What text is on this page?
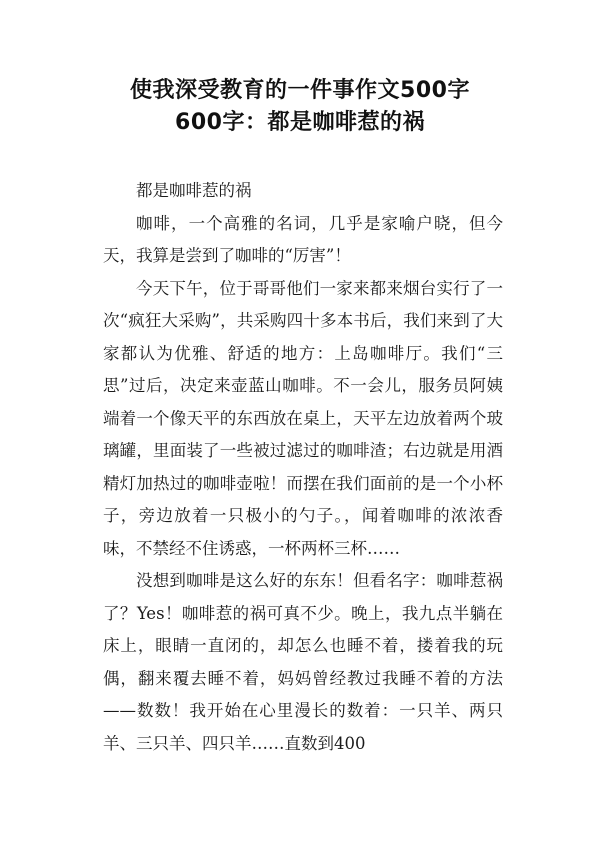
使我深受教育的一件事作文500字
600字：都是咖啡惹的祸

都是咖啡惹的祸

咖啡，一个高雅的名词，几乎是家喻户晓，但今天，我算是尝到了咖啡的“厉害”！

今天下午，位于哥哥他们一家来都来烟台实行了一次“疯狂大采购”，共采购四十多本书后，我们来到了大家都认为优雅、舒适的地方：上岛咖啡厅。我们“三思”过后，决定来壶蓝山咖啡。不一会儿，服务员阿姨端着一个像天平的东西放在桌上，天平左边放着两个玻璃罐，里面装了一些被过滤过的咖啡渣；右边就是用酒精灯加热过的咖啡壶啦！而摆在我们面前的是一个小杯子，旁边放着一只极小的勺子。，闻着咖啡的浓浓香味，不禁经不住诱惑，一杯两杯三杯……

没想到咖啡是这么好的东东！但看名字：咖啡惹祸了？Yes！咖啡惹的祸可真不少。晚上，我九点半躺在床上，眼睛一直闭的，却怎么也睡不着，搂着我的玩偶，翻来覆去睡不着，妈妈曾经教过我睡不着的方法——数数！我开始在心里漫长的数着：一只羊、两只羊、三只羊、四只羊……直数到400
